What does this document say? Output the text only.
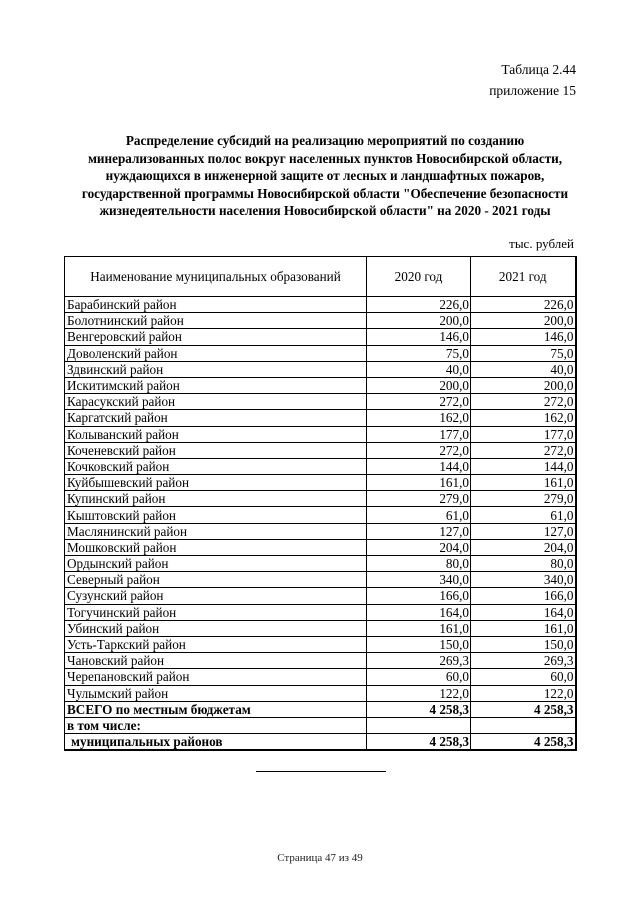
Таблица 2.44
приложение 15
Распределение субсидий на реализацию мероприятий по созданию
минерализованных полос вокруг населенных пунктов Новосибирской области,
нуждающихся в инженерной защите от лесных и ландшафтных пожаров,
государственной программы Новосибирской области "Обеспечение безопасности
жизнедеятельности населения Новосибирской области" на 2020 - 2021 годы
тыс. рублей
Наименование муниципальных образований	2020 год	2021 год
Барабинский район	226,0	226,0
Болотнинский район	200,0	200,0
Венгеровский район	146,0	146,0
Доволенский район	75,0	75,0
Здвинский район	40,0	40,0
Искитимский район	200,0	200,0
Карасукский район	272,0	272,0
Каргатский район	162,0	162,0
Колыванский район	177,0	177,0
Коченевский район	272,0	272,0
Кочковский район	144,0	144,0
Куйбышевский район	161,0	161,0
Купинский район	279,0	279,0
Кыштовский район	61,0	61,0
Маслянинский район	127,0	127,0
Мошковский район	204,0	204,0
Ордынский район	80,0	80,0
Северный район	340,0	340,0
Сузунский район	166,0	166,0
Тогучинский район	164,0	164,0
Убинский район	161,0	161,0
Усть-Таркский район	150,0	150,0
Чановский район	269,3	269,3
Черепановский район	60,0	60,0
Чулымский район	122,0	122,0
ВСЕГО по местным бюджетам	4 258,3	4 258,3
в том числе:		
муниципальных районов	4 258,3	4 258,3
Страница 47 из 49
